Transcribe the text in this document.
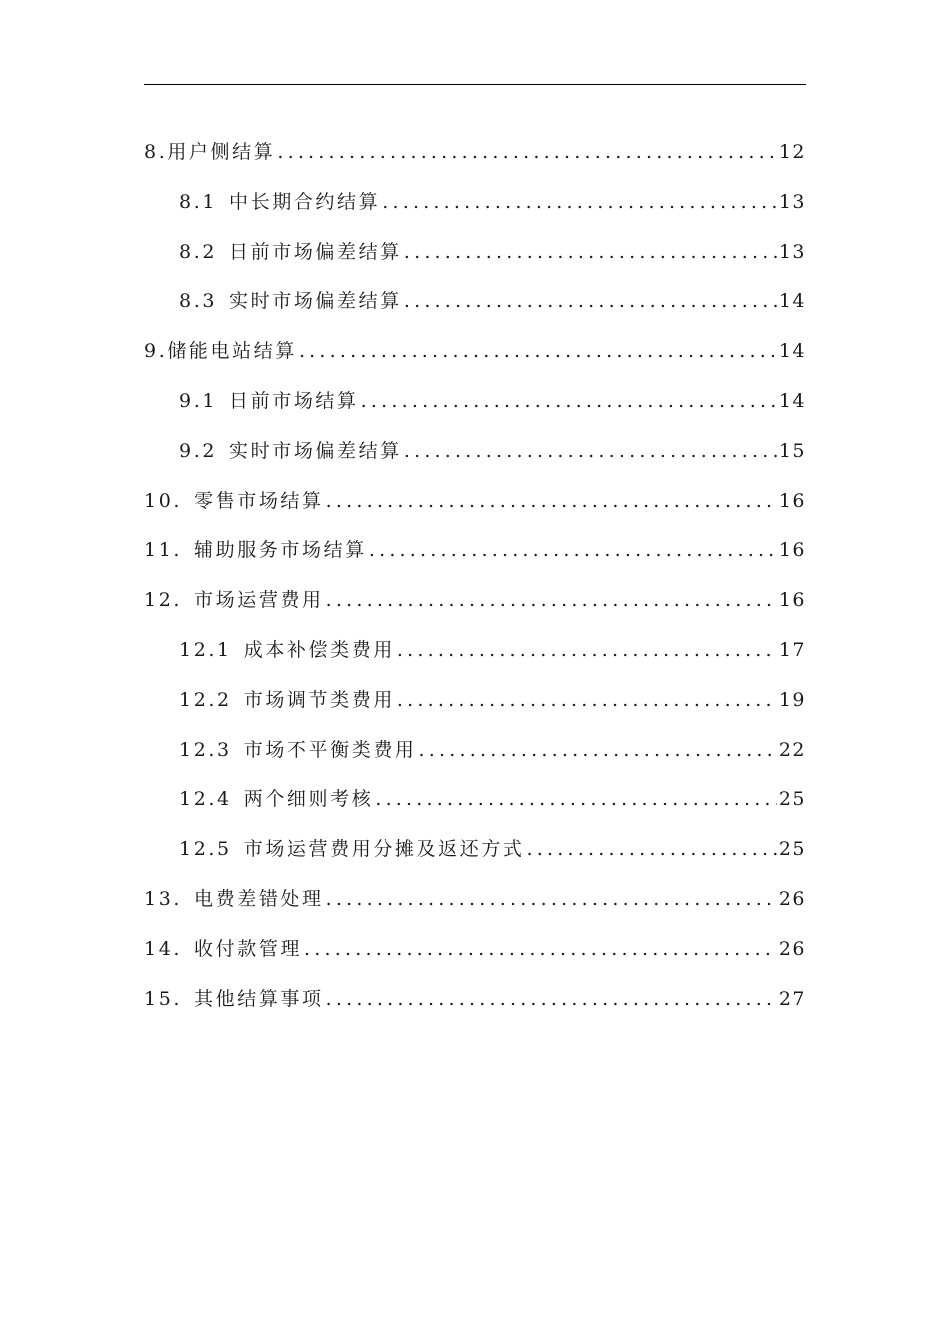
8. 用户侧结算 .....	12
8.1 中长期合约结算 .....	13
8.2 日前市场偏差结算 .....	13
8.3 实时市场偏差结算 .....	14
9. 储能电站结算 .....	14
9.1 日前市场结算 .....	14
9.2 实时市场偏差结算 .....	15
10. 零售市场结算 .....	16
11. 辅助服务市场结算 .....	16
12. 市场运营费用 .....	16
12.1 成本补偿类费用 .....	17
12.2 市场调节类费用 .....	19
12.3 市场不平衡类费用 .....	22
12.4 两个细则考核 .....	25
12.5 市场运营费用分摊及返还方式 .....	25
13. 电费差错处理 .....	26
14. 收付款管理 .....	26
15. 其他结算事项 .....	27
